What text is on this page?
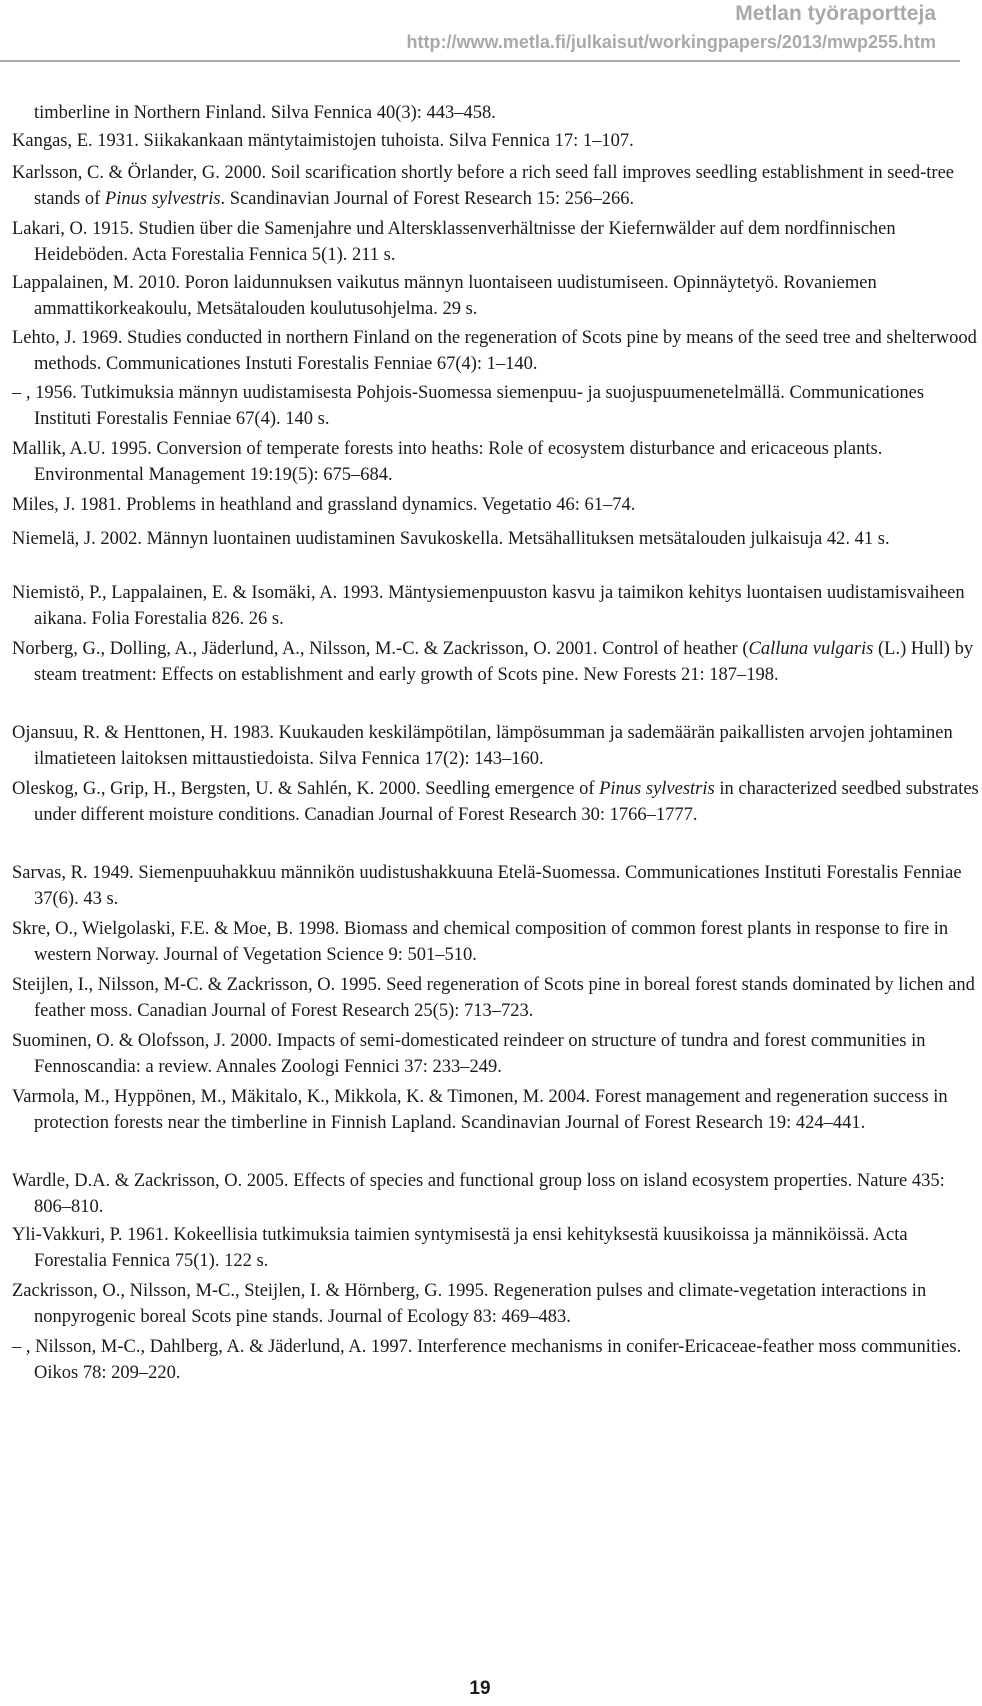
Metlan työraportteja
http://www.metla.fi/julkaisut/workingpapers/2013/mwp255.htm
timberline in Northern Finland. Silva Fennica 40(3): 443–458.
Kangas, E. 1931. Siikakankaan mäntytaimistojen tuhoista. Silva Fennica 17: 1–107.
Karlsson, C. & Örlander, G. 2000. Soil scarification shortly before a rich seed fall improves seedling establishment in seed-tree stands of Pinus sylvestris. Scandinavian Journal of Forest Research 15: 256–266.
Lakari, O. 1915. Studien über die Samenjahre und Altersklassenverhältnisse der Kiefernwälder auf dem nordfinnischen Heideböden. Acta Forestalia Fennica 5(1). 211 s.
Lappalainen, M. 2010. Poron laidunnuksen vaikutus männyn luontaiseen uudistumiseen. Opinnäytetyö. Rovaniemen ammattikorkeakoulu, Metsätalouden koulutusohjelma. 29 s.
Lehto, J. 1969. Studies conducted in northern Finland on the regeneration of Scots pine by means of the seed tree and shelterwood methods. Communicationes Instuti Forestalis Fenniae 67(4): 1–140.
– , 1956. Tutkimuksia männyn uudistamisesta Pohjois-Suomessa siemenpuu- ja suojuspuumenetelmällä. Communicationes Instituti Forestalis Fenniae 67(4). 140 s.
Mallik, A.U. 1995. Conversion of temperate forests into heaths: Role of ecosystem disturbance and ericaceous plants. Environmental Management 19:19(5): 675–684.
Miles, J. 1981. Problems in heathland and grassland dynamics. Vegetatio 46: 61–74.
Niemelä, J. 2002. Männyn luontainen uudistaminen Savukoskella. Metsähallituksen metsätalouden julkaisuja 42. 41 s.
Niemistö, P., Lappalainen, E. & Isomäki, A. 1993. Mäntysiemenpuuston kasvu ja taimikon kehitys luontaisen uudistamisvaiheen aikana. Folia Forestalia 826. 26 s.
Norberg, G., Dolling, A., Jäderlund, A., Nilsson, M.-C. & Zackrisson, O. 2001. Control of heather (Calluna vulgaris (L.) Hull) by steam treatment: Effects on establishment and early growth of Scots pine. New Forests 21: 187–198.
Ojansuu, R. & Henttonen, H. 1983. Kuukauden keskilämpötilan, lämpösumman ja sademäärän paikallisten arvojen johtaminen ilmatieteen laitoksen mittaustiedoista. Silva Fennica 17(2): 143–160.
Oleskog, G., Grip, H., Bergsten, U. & Sahlén, K. 2000. Seedling emergence of Pinus sylvestris in characterized seedbed substrates under different moisture conditions. Canadian Journal of Forest Research 30: 1766–1777.
Sarvas, R. 1949. Siemenpuuhakkuu männikön uudistushakkuuna Etelä-Suomessa. Communicationes Instituti Forestalis Fenniae 37(6). 43 s.
Skre, O., Wielgolaski, F.E. & Moe, B. 1998. Biomass and chemical composition of common forest plants in response to fire in western Norway. Journal of Vegetation Science 9: 501–510.
Steijlen, I., Nilsson, M-C. & Zackrisson, O. 1995. Seed regeneration of Scots pine in boreal forest stands dominated by lichen and feather moss. Canadian Journal of Forest Research 25(5): 713–723.
Suominen, O. & Olofsson, J. 2000. Impacts of semi-domesticated reindeer on structure of tundra and forest communities in Fennoscandia: a review. Annales Zoologi Fennici 37: 233–249.
Varmola, M., Hyppönen, M., Mäkitalo, K., Mikkola, K. & Timonen, M. 2004. Forest management and regeneration success in protection forests near the timberline in Finnish Lapland. Scandinavian Journal of Forest Research 19: 424–441.
Wardle, D.A. & Zackrisson, O. 2005. Effects of species and functional group loss on island ecosystem properties. Nature 435: 806–810.
Yli-Vakkuri, P. 1961. Kokeellisia tutkimuksia taimien syntymisestä ja ensi kehityksestä kuusikoissa ja männiköissä. Acta Forestalia Fennica 75(1). 122 s.
Zackrisson, O., Nilsson, M-C., Steijlen, I. & Hörnberg, G. 1995. Regeneration pulses and climate-vegetation interactions in nonpyrogenic boreal Scots pine stands. Journal of Ecology 83: 469–483.
– , Nilsson, M-C., Dahlberg, A. & Jäderlund, A. 1997. Interference mechanisms in conifer-Ericaceae-feather moss communities. Oikos 78: 209–220.
19
